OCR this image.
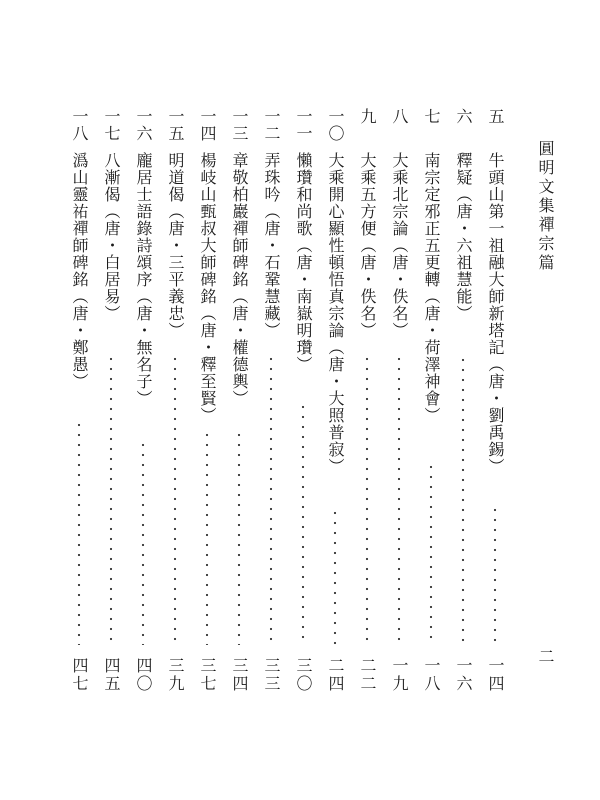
圓明文集禪宗篇
二
五
牛頭山第一祖融大師新塔記（唐・劉禹錫）
一四
六
釋疑（唐・六祖慧能）
一六
七
南宗定邪正五更轉（唐・荷澤神會）
一八
八
大乘北宗論（唐・佚名）
一九
九
大乘五方便（唐・佚名）
二二
一〇
大乘開心顯性頓悟真宗論（唐・大照普寂）
二四
一一
懶瓚和尚歌（唐・南嶽明瓚）
三〇
一二
弄珠吟（唐・石鞏慧藏）
三三
一三
章敬柏巖禪師碑銘（唐・權德輿）
三四
一四
楊岐山甄叔大師碑銘（唐・釋至賢）
三七
一五
明道偈（唐・三平義忠）
三九
一六
龐居士語錄詩頌序（唐・無名子）
四〇
一七
八漸偈（唐・白居易）
四五
一八
潙山靈祐禪師碑銘（唐・鄭愚）
四七
